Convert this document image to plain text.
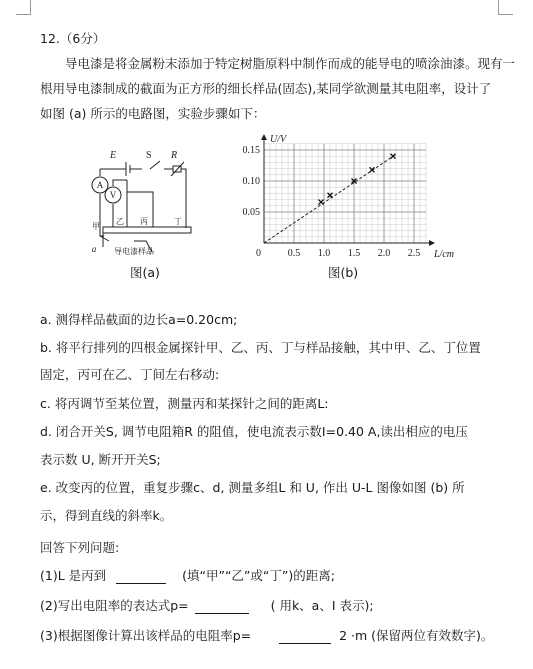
12.（6分）
导电漆是将金属粉末添加于特定树脂原料中制作而成的能导电的喷涂油漆。现有一
根用导电漆制成的截面为正方形的细长样品(固态),某同学欲测量其电阻率，设计了
如图 (a) 所示的电路图，实验步骤如下：
E	S R
A
V
甲
乙 丙	丁
a 导电漆样品
图(a)
0.5 1.0 1.5 2.0 2.5
0.05
0.10
0.15
U/V
L/cm
0
图(b)
a. 测得样品截面的边长a=0.20cm;
b. 将平行排列的四根金属探针甲、乙、丙、丁与样品接触，其中甲、乙、丁位置
固定，丙可在乙、丁间左右移动:
c. 将丙调节至某位置，测量丙和某探针之间的距离L:
d. 闭合开关S, 调节电阻箱R 的阻值，使电流表示数I=0.40 A,读出相应的电压
表示数 U, 断开开关S;
e. 改变丙的位置，重复步骤c、d, 测量多组L 和 U, 作出 U-L 图像如图 (b) 所
示，得到直线的斜率k。
回答下列问题:
(1)L 是丙到	(填“甲”“乙”或“丁”)的距离;
(2)写出电阻率的表达式p=	( 用k、a、I 表示);
(3)根据图像计算出该样品的电阻率p=	2 ·m (保留两位有效数字)。
